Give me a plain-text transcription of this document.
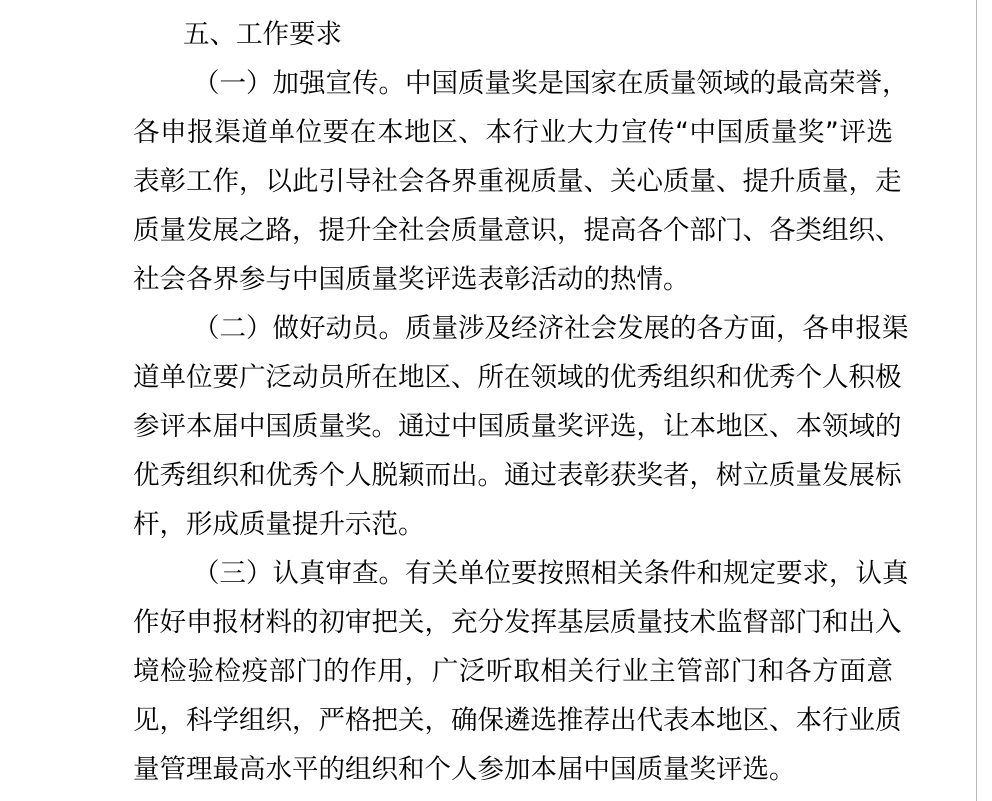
五、工作要求
（一）加强宣传。中国质量奖是国家在质量领域的最高荣誉，
各申报渠道单位要在本地区、本行业大力宣传“中国质量奖”评选
表彰工作，以此引导社会各界重视质量、关心质量、提升质量，走
质量发展之路，提升全社会质量意识，提高各个部门、各类组织、
社会各界参与中国质量奖评选表彰活动的热情。
（二）做好动员。质量涉及经济社会发展的各方面，各申报渠
道单位要广泛动员所在地区、所在领域的优秀组织和优秀个人积极
参评本届中国质量奖。通过中国质量奖评选，让本地区、本领域的
优秀组织和优秀个人脱颖而出。通过表彰获奖者，树立质量发展标
杆，形成质量提升示范。
（三）认真审查。有关单位要按照相关条件和规定要求，认真
作好申报材料的初审把关，充分发挥基层质量技术监督部门和出入
境检验检疫部门的作用，广泛听取相关行业主管部门和各方面意
见，科学组织，严格把关，确保遴选推荐出代表本地区、本行业质
量管理最高水平的组织和个人参加本届中国质量奖评选。
